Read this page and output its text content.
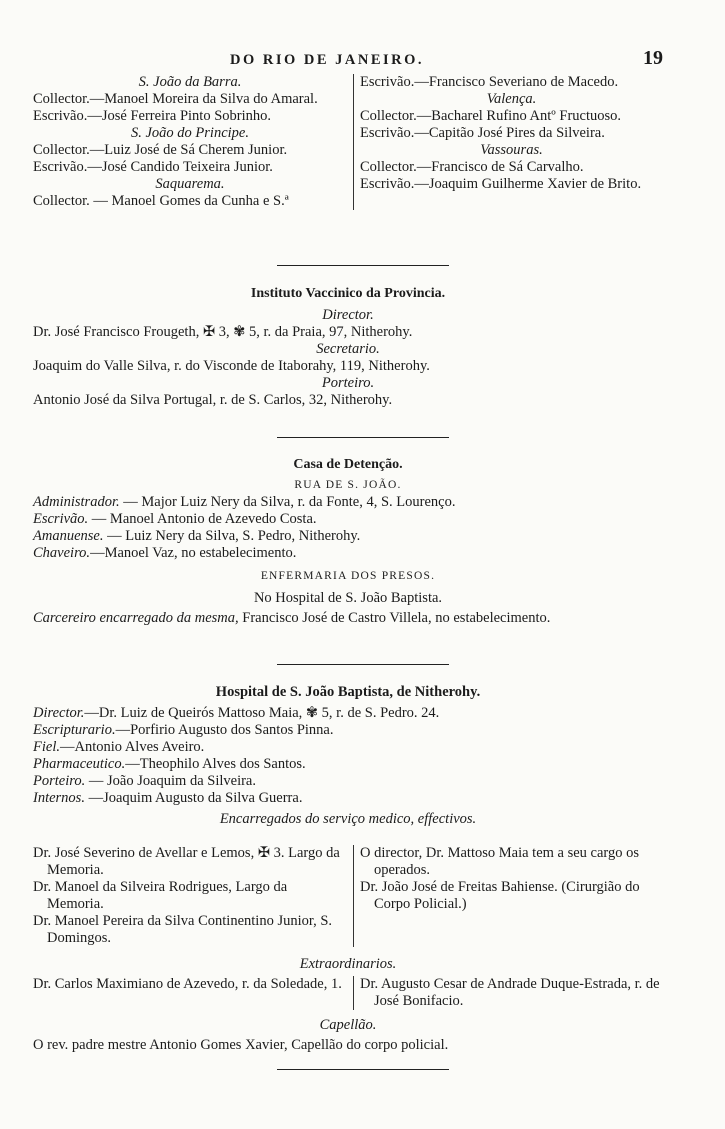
DO RIO DE JANEIRO.	19
S. João da Barra.
Collector.—Manoel Moreira da Silva do Amaral.
Escrivão.—José Ferreira Pinto Sobrinho.
S. João do Principe.
Collector.—Luiz José de Sá Cherem Junior.
Escrivão.—José Candido Teixeira Junior.
Saquarema.
Collector. — Manoel Gomes da Cunha e S.ª
Escrivão.—Francisco Severiano de Macedo.
Valença.
Collector.—Bacharel Rufino Antº Fructuoso.
Escrivão.—Capitão José Pires da Silveira.
Vassouras.
Collector.—Francisco de Sá Carvalho.
Escrivão.—Joaquim Guilherme Xavier de Brito.
Instituto Vaccinico da Provincia.
Director.
Dr. José Francisco Frougeth, ✠ 3, ✾ 5, r. da Praia, 97, Nitherohy.
Secretario.
Joaquim do Valle Silva, r. do Visconde de Itaborahy, 119, Nitherohy.
Porteiro.
Antonio José da Silva Portugal, r. de S. Carlos, 32, Nitherohy.
Casa de Detenção.
RUA DE S. JOÃO.
Administrador. — Major Luiz Nery da Silva, r. da Fonte, 4, S. Lourenço.
Escrivão. — Manoel Antonio de Azevedo Costa.
Amanuense. — Luiz Nery da Silva, S. Pedro, Nitherohy.
Chaveiro.—Manoel Vaz, no estabelecimento.
ENFERMARIA DOS PRESOS.
No Hospital de S. João Baptista.
Carcereiro encarregado da mesma, Francisco José de Castro Villela, no estabelecimento.
Hospital de S. João Baptista, de Nitherohy.
Director.—Dr. Luiz de Queirós Mattoso Maia, ✾ 5, r. de S. Pedro. 24.
Escripturario.—Porfirio Augusto dos Santos Pinna.
Fiel.—Antonio Alves Aveiro.
Pharmaceutico.—Theophilo Alves dos Santos.
Porteiro. — João Joaquim da Silveira.
Internos. —Joaquim Augusto da Silva Guerra.
Encarregados do serviço medico, effectivos.
Dr. José Severino de Avellar e Lemos, ✠ 3. Largo da Memoria.
Dr. Manoel da Silveira Rodrigues, Largo da Memoria.
Dr. Manoel Pereira da Silva Continentino Junior, S. Domingos.
O director, Dr. Mattoso Maia tem a seu cargo os operados.
Dr. João José de Freitas Bahiense. (Cirurgião do Corpo Policial.)
Extraordinarios.
Dr. Carlos Maximiano de Azevedo, r. da Soledade, 1.	Dr. Augusto Cesar de Andrade Duque-Estrada, r. de José Bonifacio.
Capellão.
O rev. padre mestre Antonio Gomes Xavier, Capellão do corpo policial.
